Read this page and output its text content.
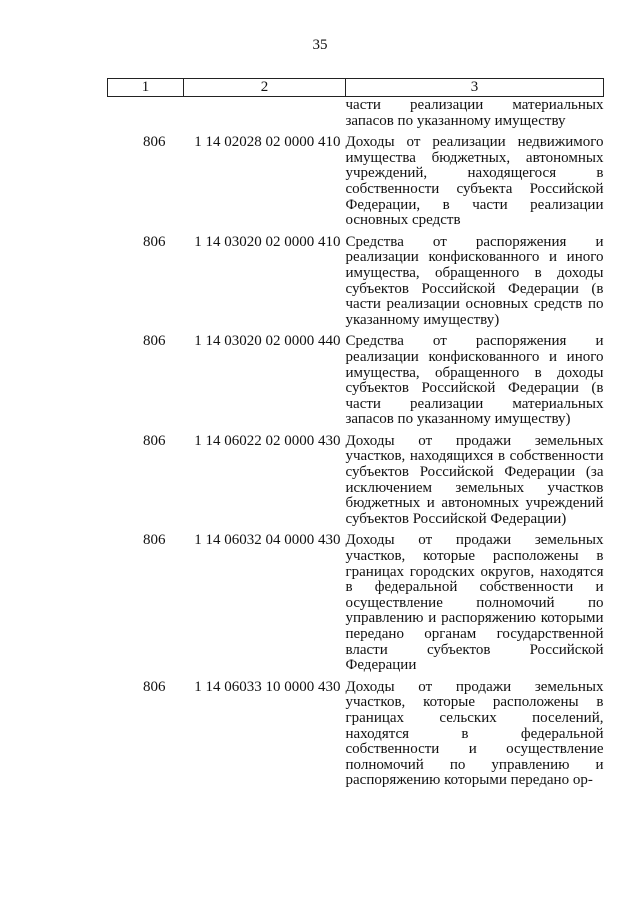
35
1	2	3
		части реализации материальных запасов по указанному имуществу
806	1 14 02028 02 0000 410	Доходы от реализации недвижимого имущества бюджетных, автономных учреждений, находящегося в собственности субъекта Российской Федерации, в части реализации основных средств
806	1 14 03020 02 0000 410	Средства от распоряжения и реализации конфискованного и иного имущества, обращенного в доходы субъектов Российской Федерации (в части реализации основных средств по указанному имуществу)
806	1 14 03020 02 0000 440	Средства от распоряжения и реализации конфискованного и иного имущества, обращенного в доходы субъектов Российской Федерации (в части реализации материальных запасов по указанному имуществу)
806	1 14 06022 02 0000 430	Доходы от продажи земельных участков, находящихся в собственности субъектов Российской Федерации (за исключением земельных участков бюджетных и автономных учреждений субъектов Российской Федерации)
806	1 14 06032 04 0000 430	Доходы от продажи земельных участков, которые расположены в границах городских округов, находятся в федеральной собственности и осуществление полномочий по управлению и распоряжению которыми передано органам государственной власти субъектов Российской Федерации
806	1 14 06033 10 0000 430	Доходы от продажи земельных участков, которые расположены в границах сельских поселений, находятся в федеральной собственности и осуществление полномочий по управлению и распоряжению которыми передано ор-
